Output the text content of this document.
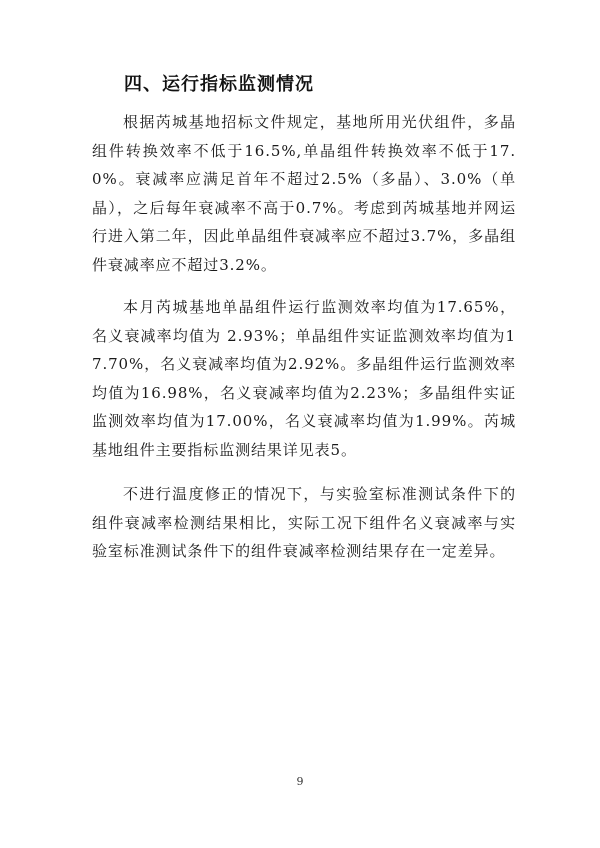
四、运行指标监测情况

根据芮城基地招标文件规定，基地所用光伏组件，多晶组件转换效率不低于16.5%,单晶组件转换效率不低于17.0%。衰减率应满足首年不超过2.5%（多晶）、3.0%（单晶），之后每年衰减率不高于0.7%。考虑到芮城基地并网运行进入第二年，因此单晶组件衰减率应不超过3.7%，多晶组件衰减率应不超过3.2%。

本月芮城基地单晶组件运行监测效率均值为17.65%，名义衰减率均值为 2.93%；单晶组件实证监测效率均值为17.70%，名义衰减率均值为2.92%。多晶组件运行监测效率均值为16.98%，名义衰减率均值为2.23%；多晶组件实证监测效率均值为17.00%，名义衰减率均值为1.99%。芮城基地组件主要指标监测结果详见表5。

不进行温度修正的情况下，与实验室标准测试条件下的组件衰减率检测结果相比，实际工况下组件名义衰减率与实验室标准测试条件下的组件衰减率检测结果存在一定差异。

9
